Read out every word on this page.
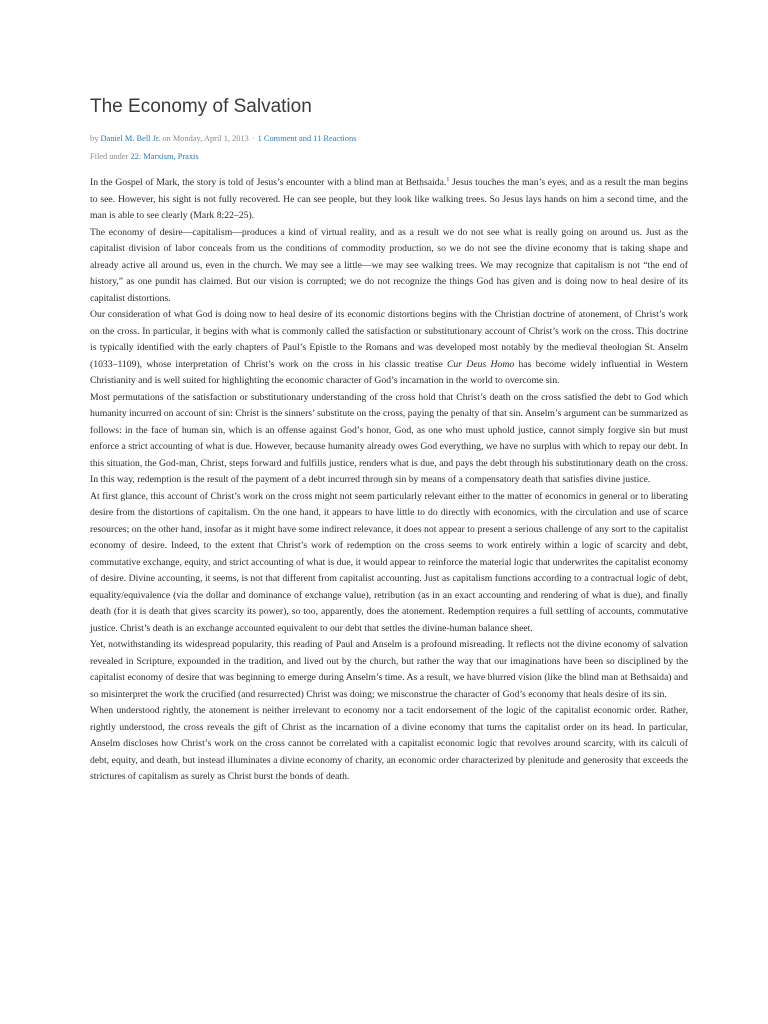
The Economy of Salvation
by Daniel M. Bell Jr. on Monday, April 1, 2013 · 1 Comment and 11 Reactions
Filed under 22: Marxism, Praxis

In the Gospel of Mark, the story is told of Jesus’s encounter with a blind man at Bethsaida.$^1$ Jesus touches the man’s eyes, and as a result the man begins to see. However, his sight is not fully recovered. He can see people, but they look like walking trees. So Jesus lays hands on him a second time, and the man is able to see clearly (Mark 8:22–25).

The economy of desire—capitalism—produces a kind of virtual reality, and as a result we do not see what is really going on around us. Just as the capitalist division of labor conceals from us the conditions of commodity production, so we do not see the divine economy that is taking shape and already active all around us, even in the church. We may see a little—we may see walking trees. We may recognize that capitalism is not “the end of history,” as one pundit has claimed. But our vision is corrupted; we do not recognize the things God has given and is doing now to heal desire of its capitalist distortions.

Our consideration of what God is doing now to heal desire of its economic distortions begins with the Christian doctrine of atonement, of Christ’s work on the cross. In particular, it begins with what is commonly called the satisfaction or substitutionary account of Christ’s work on the cross. This doctrine is typically identified with the early chapters of Paul’s Epistle to the Romans and was developed most notably by the medieval theologian St. Anselm (1033–1109), whose interpretation of Christ’s work on the cross in his classic treatise Cur Deus Homo has become widely influential in Western Christianity and is well suited for highlighting the economic character of God’s incarnation in the world to overcome sin.

Most permutations of the satisfaction or substitutionary understanding of the cross hold that Christ’s death on the cross satisfied the debt to God which humanity incurred on account of sin: Christ is the sinners’ substitute on the cross, paying the penalty of that sin. Anselm’s argument can be summarized as follows: in the face of human sin, which is an offense against God’s honor, God, as one who must uphold justice, cannot simply forgive sin but must enforce a strict accounting of what is due. However, because humanity already owes God everything, we have no surplus with which to repay our debt. In this situation, the God-man, Christ, steps forward and fulfills justice, renders what is due, and pays the debt through his substitutionary death on the cross. In this way, redemption is the result of the payment of a debt incurred through sin by means of a compensatory death that satisfies divine justice.

At first glance, this account of Christ’s work on the cross might not seem particularly relevant either to the matter of economics in general or to liberating desire from the distortions of capitalism. On the one hand, it appears to have little to do directly with economics, with the circulation and use of scarce resources; on the other hand, insofar as it might have some indirect relevance, it does not appear to present a serious challenge of any sort to the capitalist economy of desire. Indeed, to the extent that Christ’s work of redemption on the cross seems to work entirely within a logic of scarcity and debt, commutative exchange, equity, and strict accounting of what is due, it would appear to reinforce the material logic that underwrites the capitalist economy of desire. Divine accounting, it seems, is not that different from capitalist accounting. Just as capitalism functions according to a contractual logic of debt, equality/equivalence (via the dollar and dominance of exchange value), retribution (as in an exact accounting and rendering of what is due), and finally death (for it is death that gives scarcity its power), so too, apparently, does the atonement. Redemption requires a full settling of accounts, commutative justice. Christ’s death is an exchange accounted equivalent to our debt that settles the divine-human balance sheet.

Yet, notwithstanding its widespread popularity, this reading of Paul and Anselm is a profound misreading. It reflects not the divine economy of salvation revealed in Scripture, expounded in the tradition, and lived out by the church, but rather the way that our imaginations have been so disciplined by the capitalist economy of desire that was beginning to emerge during Anselm’s time. As a result, we have blurred vision (like the blind man at Bethsaida) and so misinterpret the work the crucified (and resurrected) Christ was doing; we misconstrue the character of God’s economy that heals desire of its sin.

When understood rightly, the atonement is neither irrelevant to economy nor a tacit endorsement of the logic of the capitalist economic order. Rather, rightly understood, the cross reveals the gift of Christ as the incarnation of a divine economy that turns the capitalist order on its head. In particular, Anselm discloses how Christ’s work on the cross cannot be correlated with a capitalist economic logic that revolves around scarcity, with its calculi of debt, equity, and death, but instead illuminates a divine economy of charity, an economic order characterized by plenitude and generosity that exceeds the strictures of capitalism as surely as Christ burst the bonds of death.
